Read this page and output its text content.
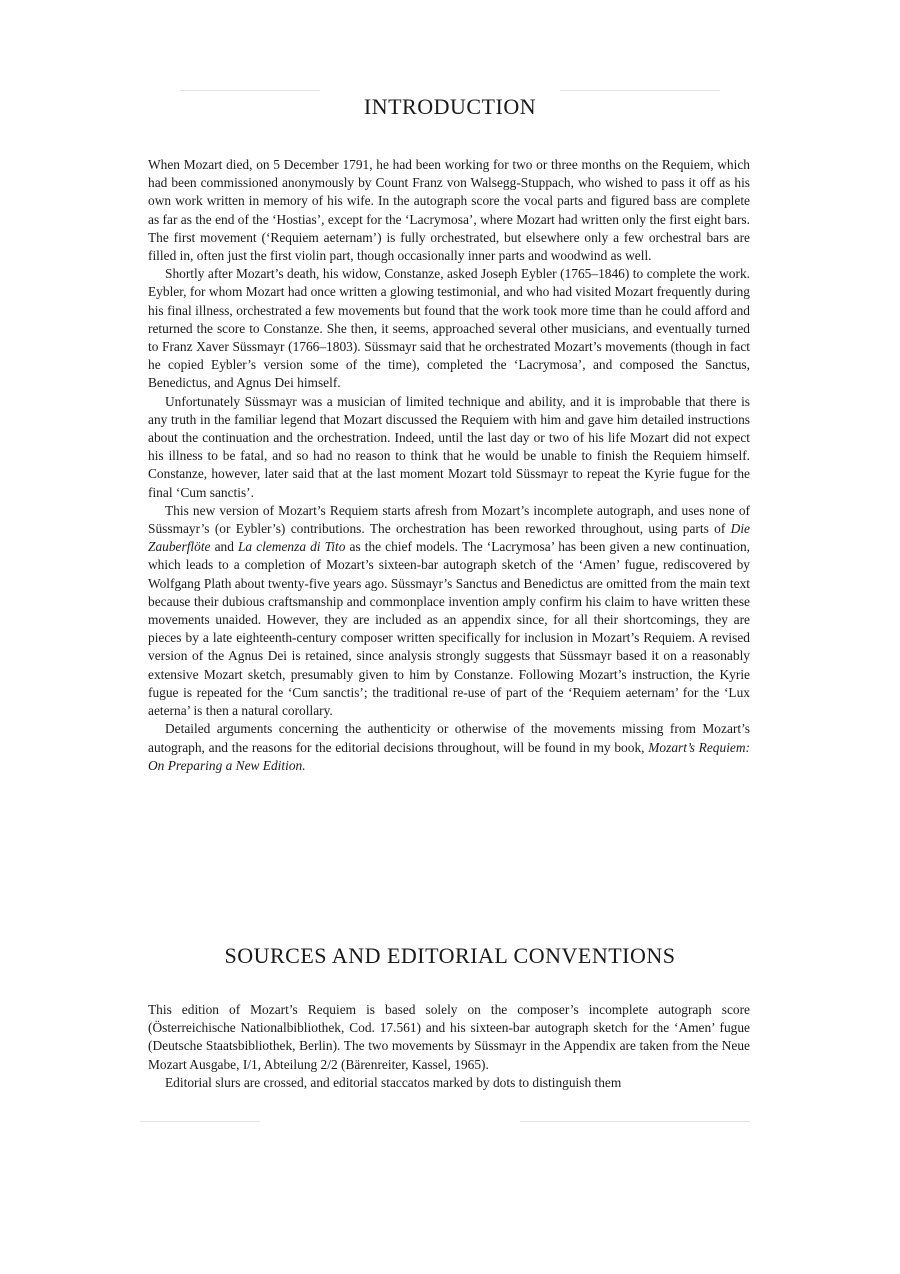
INTRODUCTION

When Mozart died, on 5 December 1791, he had been working for two or three months on the Requiem, which had been commissioned anonymously by Count Franz von Walsegg-Stuppach, who wished to pass it off as his own work written in memory of his wife. In the autograph score the vocal parts and figured bass are complete as far as the end of the ‘Hostias’, except for the ‘Lacrymosa’, where Mozart had written only the first eight bars. The first movement (‘Requiem aeternam’) is fully orchestrated, but elsewhere only a few orchestral bars are filled in, often just the first violin part, though occasionally inner parts and woodwind as well.

Shortly after Mozart’s death, his widow, Constanze, asked Joseph Eybler (1765–1846) to complete the work. Eybler, for whom Mozart had once written a glowing testimonial, and who had visited Mozart frequently during his final illness, orchestrated a few movements but found that the work took more time than he could afford and returned the score to Constanze. She then, it seems, approached several other musicians, and eventually turned to Franz Xaver Süssmayr (1766–1803). Süssmayr said that he orchestrated Mozart’s movements (though in fact he copied Eybler’s version some of the time), completed the ‘Lacrymosa’, and composed the Sanctus, Benedictus, and Agnus Dei himself.

Unfortunately Süssmayr was a musician of limited technique and ability, and it is improbable that there is any truth in the familiar legend that Mozart discussed the Requiem with him and gave him detailed instructions about the continuation and the orchestration. Indeed, until the last day or two of his life Mozart did not expect his illness to be fatal, and so had no reason to think that he would be unable to finish the Requiem himself. Constanze, however, later said that at the last moment Mozart told Süssmayr to repeat the Kyrie fugue for the final ‘Cum sanctis’.

This new version of Mozart’s Requiem starts afresh from Mozart’s incomplete autograph, and uses none of Süssmayr’s (or Eybler’s) contributions. The orchestration has been reworked throughout, using parts of Die Zauberflöte and La clemenza di Tito as the chief models. The ‘Lacrymosa’ has been given a new continuation, which leads to a completion of Mozart’s sixteen-bar autograph sketch of the ‘Amen’ fugue, rediscovered by Wolfgang Plath about twenty-five years ago. Süssmayr’s Sanctus and Benedictus are omitted from the main text because their dubious craftsmanship and commonplace invention amply confirm his claim to have written these movements unaided. However, they are included as an appendix since, for all their shortcomings, they are pieces by a late eighteenth-century composer written specifically for inclusion in Mozart’s Requiem. A revised version of the Agnus Dei is retained, since analysis strongly suggests that Süssmayr based it on a reasonably extensive Mozart sketch, presumably given to him by Constanze. Following Mozart’s instruction, the Kyrie fugue is repeated for the ‘Cum sanctis’; the traditional re-use of part of the ‘Requiem aeternam’ for the ‘Lux aeterna’ is then a natural corollary.

Detailed arguments concerning the authenticity or otherwise of the movements missing from Mozart’s autograph, and the reasons for the editorial decisions throughout, will be found in my book, Mozart’s Requiem: On Preparing a New Edition.

SOURCES AND EDITORIAL CONVENTIONS

This edition of Mozart’s Requiem is based solely on the composer’s incomplete autograph score (Österreichische Nationalbibliothek, Cod. 17.561) and his sixteen-bar autograph sketch for the ‘Amen’ fugue (Deutsche Staatsbibliothek, Berlin). The two movements by Süssmayr in the Appendix are taken from the Neue Mozart Ausgabe, I/1, Abteilung 2/2 (Bärenreiter, Kassel, 1965).

Editorial slurs are crossed, and editorial staccatos marked by dots to distinguish them
